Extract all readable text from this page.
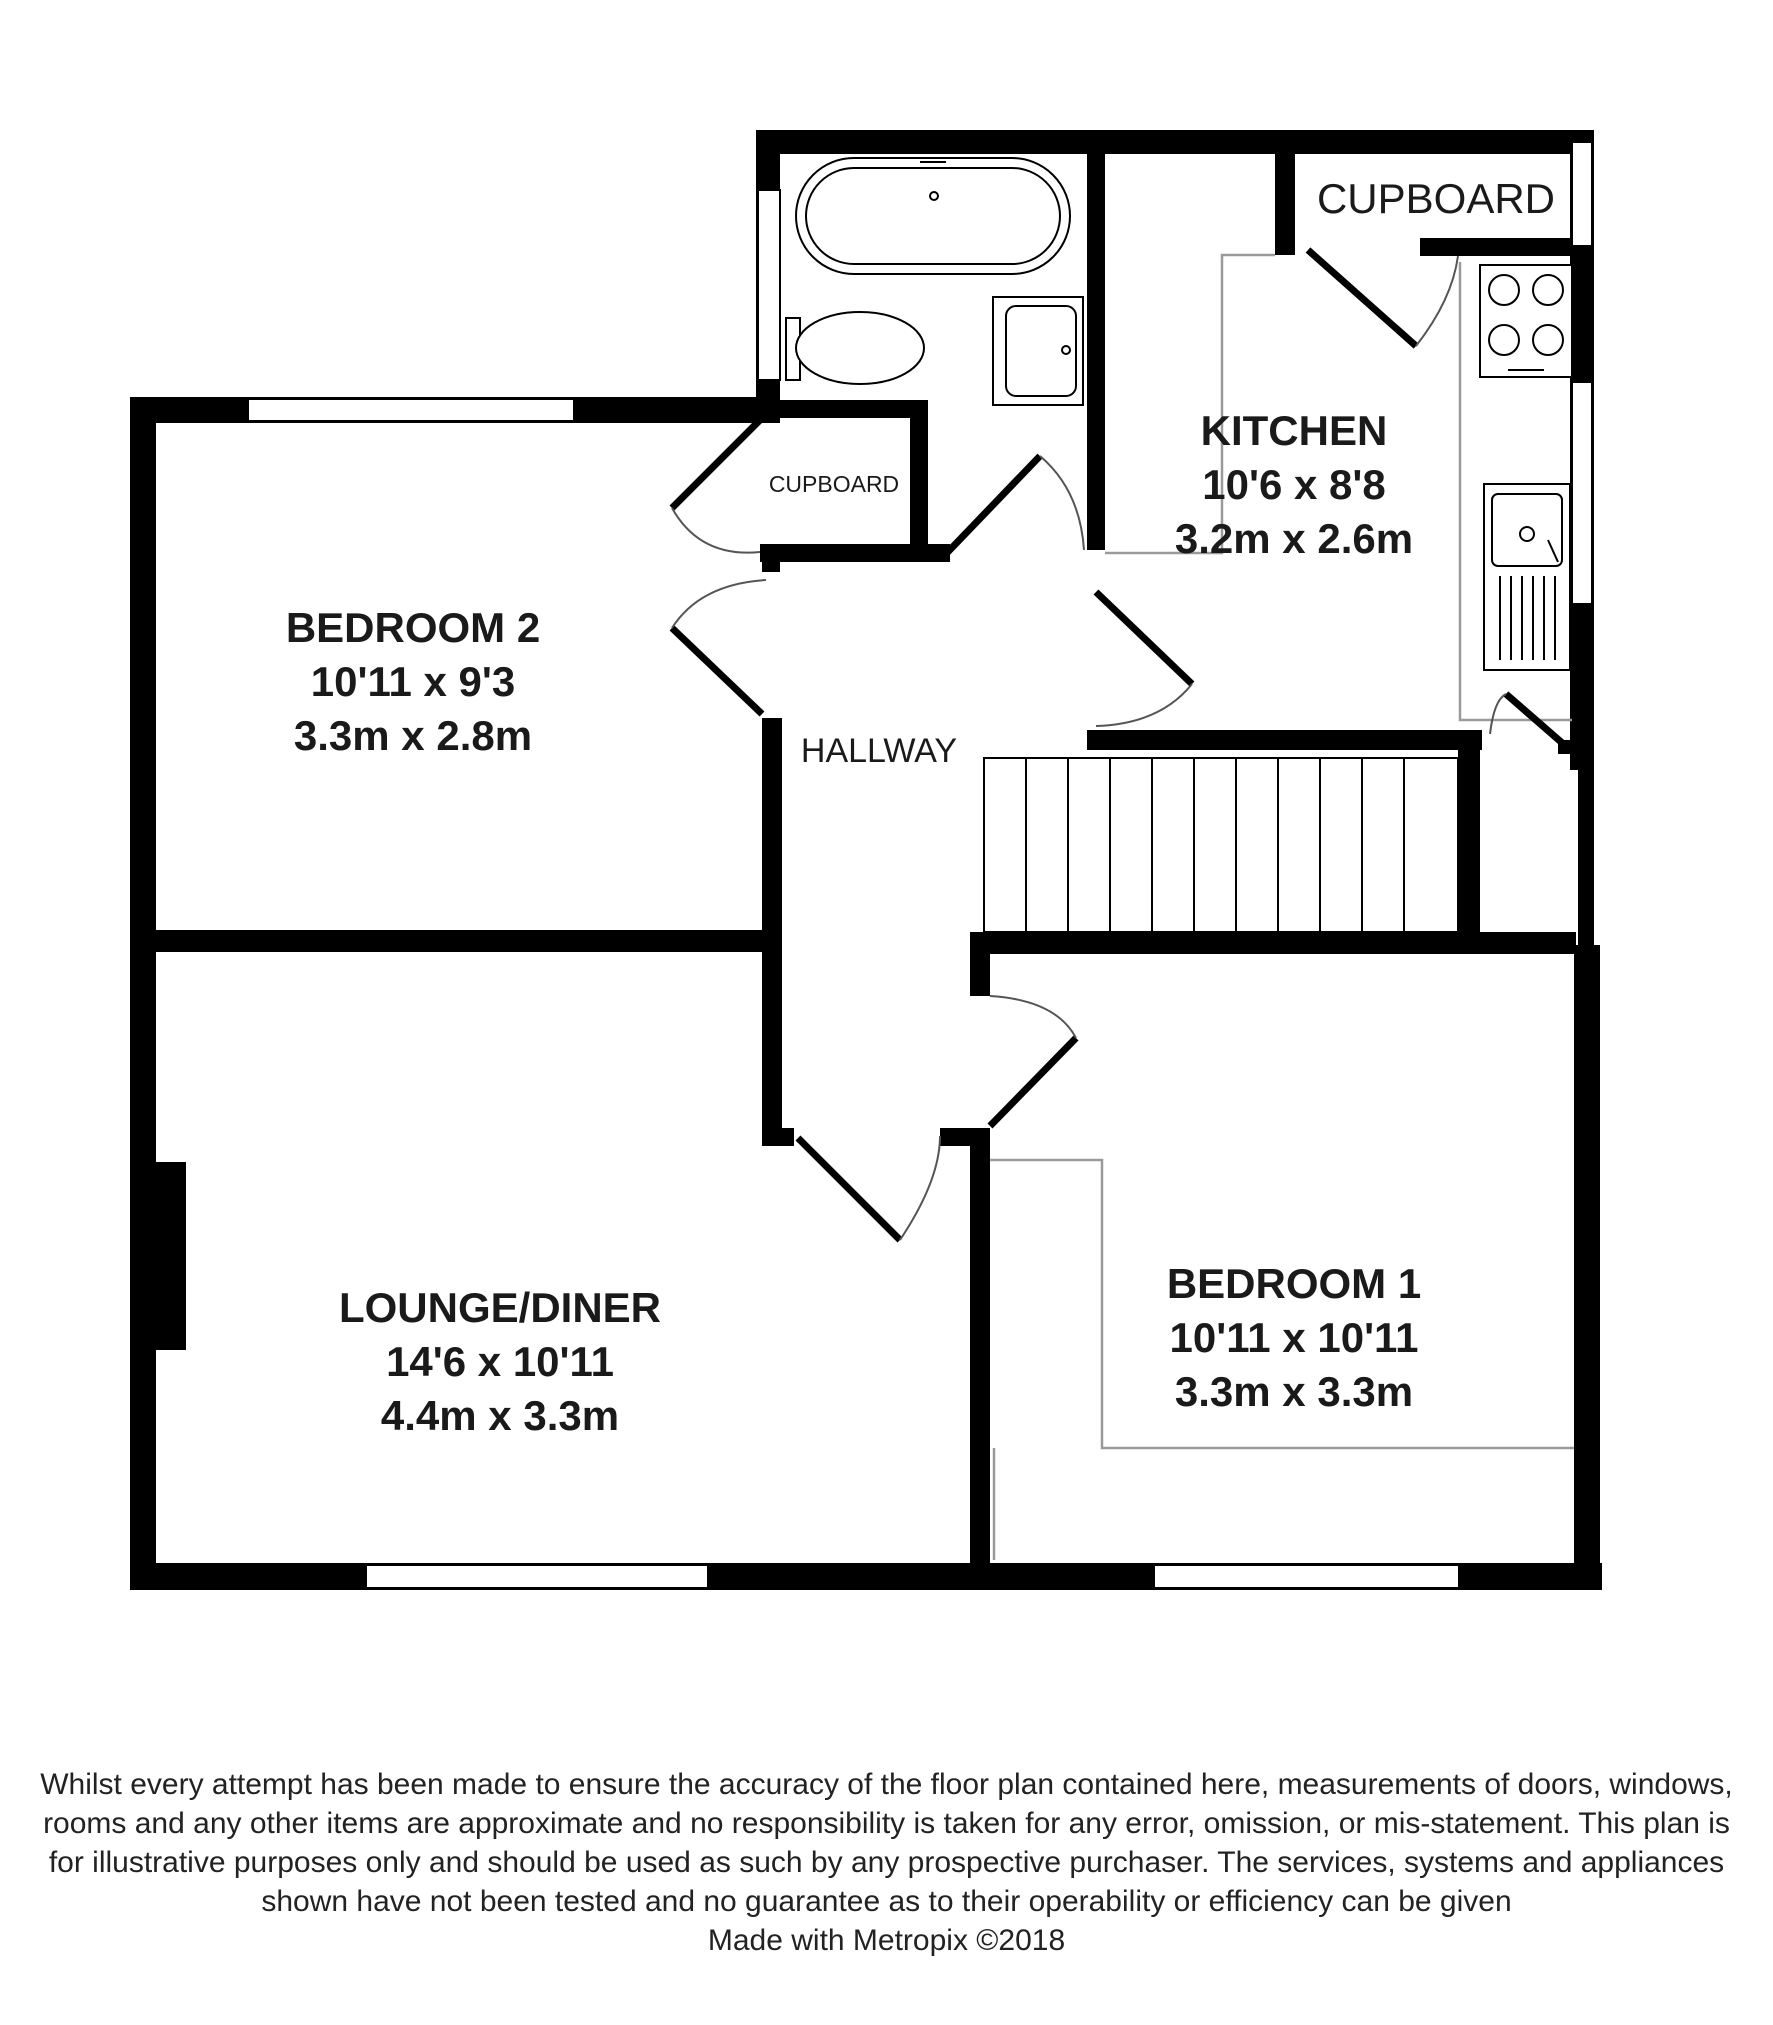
BEDROOM 2
10'11 x 9'3
3.3m x 2.8m
KITCHEN
10'6 x 8'8
3.2m x 2.6m
LOUNGE/DINER
14'6 x 10'11
4.4m x 3.3m
BEDROOM 1
10'11 x 10'11
3.3m x 3.3m
HALLWAY
CUPBOARD
CUPBOARD
Whilst every attempt has been made to ensure the accuracy of the floor plan contained here, measurements of doors, windows, rooms and any other items are approximate and no responsibility is taken for any error, omission, or mis-statement. This plan is for illustrative purposes only and should be used as such by any prospective purchaser. The services, systems and appliances shown have not been tested and no guarantee as to their operability or efficiency can be given
Made with Metropix ©2018
